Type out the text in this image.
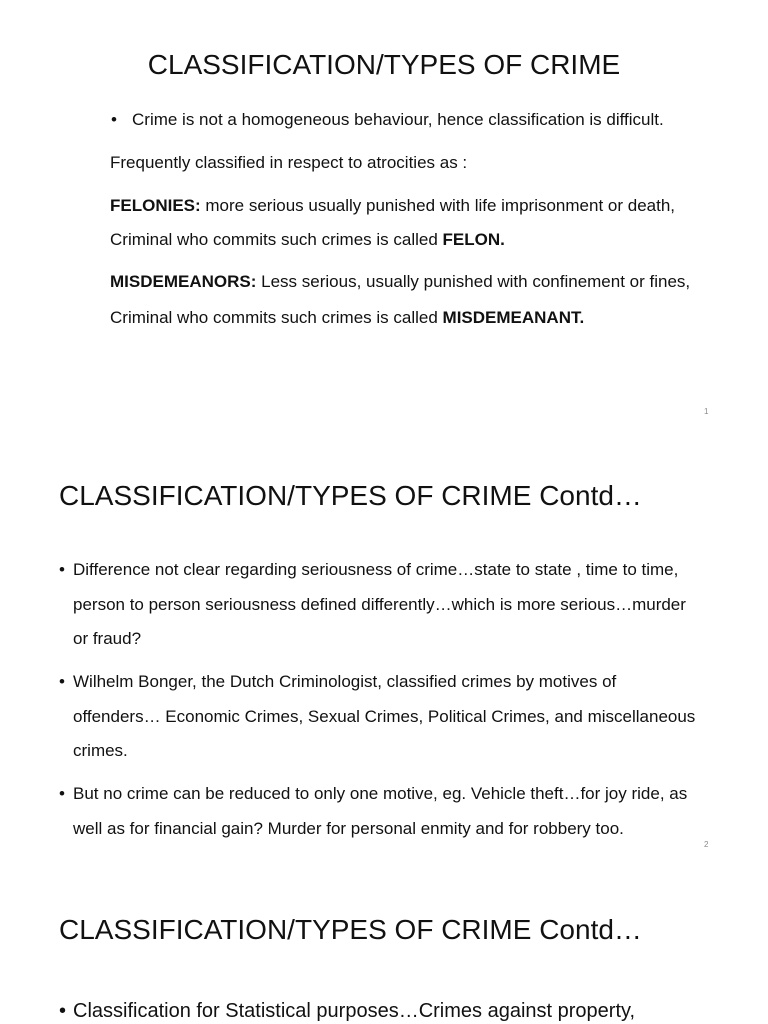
CLASSIFICATION/TYPES OF CRIME
• Crime is not a homogeneous behaviour, hence classification is difficult.
Frequently classified in respect to atrocities as :
FELONIES: more serious usually punished with life imprisonment or death,
Criminal who commits such crimes is called FELON.
MISDEMEANORS: Less serious, usually punished with confinement or fines,
Criminal who commits such crimes is called MISDEMEANANT.
1
CLASSIFICATION/TYPES OF CRIME Contd…
• Difference not clear regarding seriousness of crime…state to state , time to time,
person to person seriousness defined differently…which is more serious…murder
or fraud?
• Wilhelm Bonger, the Dutch Criminologist, classified crimes by motives of
offenders… Economic Crimes, Sexual Crimes, Political Crimes, and miscellaneous
crimes.
• But no crime can be reduced to only one motive, eg. Vehicle theft…for joy ride, as
well as for financial gain? Murder for personal enmity and for robbery too.
2
CLASSIFICATION/TYPES OF CRIME Contd…
• Classification for Statistical purposes…Crimes against property,
